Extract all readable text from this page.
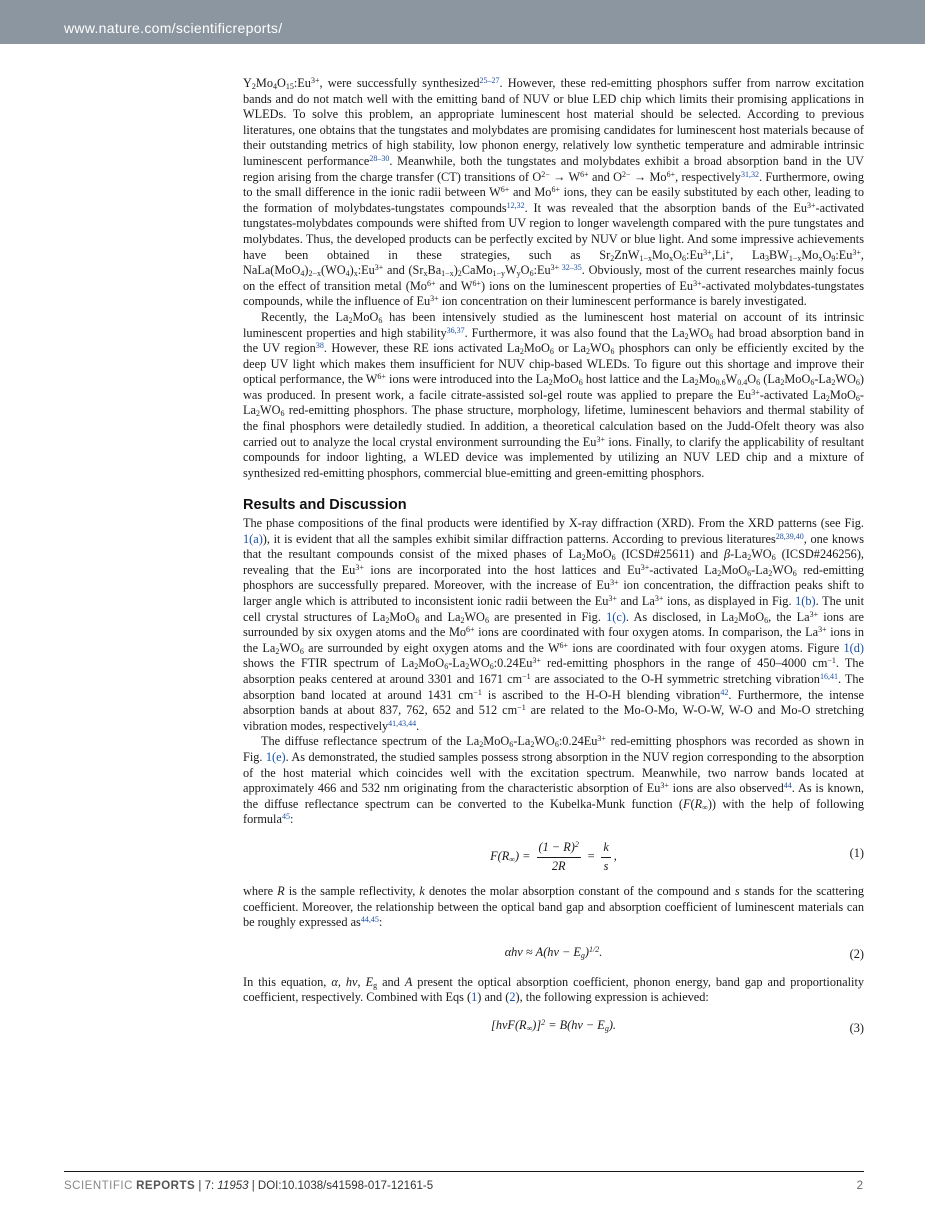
www.nature.com/scientificreports/

$Y_2Mo_4O_{15}:Eu^{3+}$, were successfully synthesized$^{25-27}$. However, these red-emitting phosphors suffer from narrow excitation bands and do not match well with the emitting band of NUV or blue LED chip which limits their promising applications in WLEDs. To solve this problem, an appropriate luminescent host material should be selected. According to previous literatures, one obtains that the tungstates and molybdates are promising candidates for luminescent host materials because of their outstanding metrics of high stability, low phonon energy, relatively low synthetic temperature and admirable intrinsic luminescent performance$^{28-30}$. Meanwhile, both the tungstates and molybdates exhibit a broad absorption band in the UV region arising from the charge transfer (CT) transitions of $O^{2-} \to W^{6+}$ and $O^{2-} \to Mo^{6+}$, respectively$^{31,32}$. Furthermore, owing to the small difference in the ionic radii between $W^{6+}$ and $Mo^{6+}$ ions, they can be easily substituted by each other, leading to the formation of molybdates-tungstates compounds$^{12,32}$. It was revealed that the absorption bands of the $Eu^{3+}$-activated tungstates-molybdates compounds were shifted from UV region to longer wavelength compared with the pure tungstates and molybdates. Thus, the developed products can be perfectly excited by NUV or blue light. And some impressive achievements have been obtained in these strategies, such as $Sr_2ZnW_{1-x}Mo_xO_6:Eu^{3+},Li^+$, $La_3BW_{1-x}Mo_xO_9:Eu^{3+}$, $NaLa(MoO_4)_{2-x}(WO_4)_x:Eu^{3+}$ and $(Sr_xBa_{1-x})_2CaMo_{1-y}W_yO_6:Eu^{3+ 32-35}$. Obviously, most of the current researches mainly focus on the effect of transition metal ($Mo^{6+}$ and $W^{6+}$) ions on the luminescent properties of $Eu^{3+}$-activated molybdates-tungstates compounds, while the influence of $Eu^{3+}$ ion concentration on their luminescent performance is barely investigated.

Recently, the $La_2MoO_6$ has been intensively studied as the luminescent host material on account of its intrinsic luminescent properties and high stability$^{36,37}$. Furthermore, it was also found that the $La_2WO_6$ had broad absorption band in the UV region$^{38}$. However, these RE ions activated $La_2MoO_6$ or $La_2WO_6$ phosphors can only be efficiently excited by the deep UV light which makes them insufficient for NUV chip-based WLEDs. To figure out this shortage and improve their optical performance, the $W^{6+}$ ions were introduced into the $La_2MoO_6$ host lattice and the $La_2Mo_{0.6}W_{0.4}O_6$ $(La_2MoO_6-La_2WO_6)$ was produced. In present work, a facile citrate-assisted sol-gel route was applied to prepare the $Eu^{3+}$-activated $La_2MoO_6-La_2WO_6$ red-emitting phosphors. The phase structure, morphology, lifetime, luminescent behaviors and thermal stability of the final phosphors were detailedly studied. In addition, a theoretical calculation based on the Judd-Ofelt theory was also carried out to analyze the local crystal environment surrounding the $Eu^{3+}$ ions. Finally, to clarify the applicability of resultant compounds for indoor lighting, a WLED device was implemented by utilizing an NUV LED chip and a mixture of synthesized red-emitting phosphors, commercial blue-emitting and green-emitting phosphors.

Results and Discussion

The phase compositions of the final products were identified by X-ray diffraction (XRD). From the XRD patterns (see Fig. 1(a)), it is evident that all the samples exhibit similar diffraction patterns. According to previous literatures$^{28,39,40}$, one knows that the resultant compounds consist of the mixed phases of $La_2MoO_6$ (ICSD#25611) and $\beta-La_2WO_6$ (ICSD#246256), revealing that the $Eu^{3+}$ ions are incorporated into the host lattices and $Eu^{3+}$-activated $La_2MoO_6-La_2WO_6$ red-emitting phosphors are successfully prepared. Moreover, with the increase of $Eu^{3+}$ ion concentration, the diffraction peaks shift to larger angle which is attributed to inconsistent ionic radii between the $Eu^{3+}$ and $La^{3+}$ ions, as displayed in Fig. 1(b). The unit cell crystal structures of $La_2MoO_6$ and $La_2WO_6$ are presented in Fig. 1(c). As disclosed, in $La_2MoO_6$, the $La^{3+}$ ions are surrounded by six oxygen atoms and the $Mo^{6+}$ ions are coordinated with four oxygen atoms. In comparison, the $La^{3+}$ ions in the $La_2WO_6$ are surrounded by eight oxygen atoms and the $W^{6+}$ ions are coordinated with four oxygen atoms. Figure 1(d) shows the FTIR spectrum of $La_2MoO_6-La_2WO_6:0.24Eu^{3+}$ red-emitting phosphors in the range of 450–4000 $cm^{-1}$. The absorption peaks centered at around 3301 and 1671 $cm^{-1}$ are associated to the O-H symmetric stretching vibration$^{16,41}$. The absorption band located at around 1431 $cm^{-1}$ is ascribed to the H-O-H blending vibration$^{42}$. Furthermore, the intense absorption bands at about 837, 762, 652 and 512 $cm^{-1}$ are related to the Mo-O-Mo, W-O-W, W-O and Mo-O stretching vibration modes, respectively$^{41,43,44}$.

The diffuse reflectance spectrum of the $La_2MoO_6-La_2WO_6:0.24Eu^{3+}$ red-emitting phosphors was recorded as shown in Fig. 1(e). As demonstrated, the studied samples possess strong absorption in the NUV region corresponding to the absorption of the host material which coincides well with the excitation spectrum. Meanwhile, two narrow bands located at approximately 466 and 532 nm originating from the characteristic absorption of $Eu^{3+}$ ions are also observed$^{44}$. As is known, the diffuse reflectance spectrum can be converted to the Kubelka-Munk function $(F(R_\infty))$ with the help of following formula$^{45}$:

$F(R_\infty) = \frac{(1 - R)^2}{2R} = \frac{k}{s}$ ,	(1)

where R is the sample reflectivity, k denotes the molar absorption constant of the compound and s stands for the scattering coefficient. Moreover, the relationship between the optical band gap and absorption coefficient of luminescent materials can be roughly expressed as$^{44,45}$:

$\alpha h\nu \approx A(h\nu - E_g)^{1/2}$.	(2)

In this equation, α, hν, $E_g$ and A present the optical absorption coefficient, phonon energy, band gap and proportionality coefficient, respectively. Combined with Eqs (1) and (2), the following expression is achieved:

$[h\nu F(R_\infty)]^2 = B(h\nu - E_g)$.	(3)
SCIENTIFIC REPORTS | 7: 11953 | DOI:10.1038/s41598-017-12161-5	2
